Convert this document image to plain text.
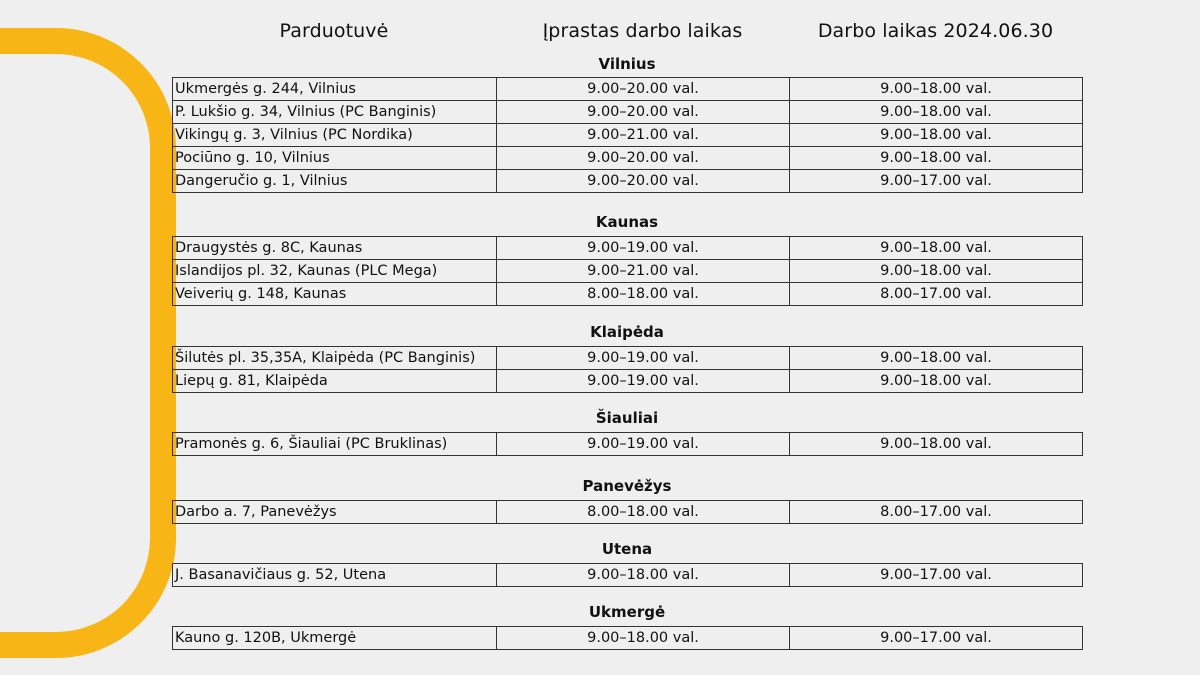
Parduotuvė	Įprastas darbo laikas	Darbo laikas 2024.06.30
Vilnius
Ukmergės g. 244, Vilnius	9.00–20.00 val.	9.00–18.00 val.
P. Lukšio g. 34, Vilnius (PC Banginis)	9.00–20.00 val.	9.00–18.00 val.
Vikingų g. 3, Vilnius (PC Nordika)	9.00–21.00 val.	9.00–18.00 val.
Pociūno g. 10, Vilnius	9.00–20.00 val.	9.00–18.00 val.
Dangeručio g. 1, Vilnius	9.00–20.00 val.	9.00–17.00 val.
Kaunas
Draugystės g. 8C, Kaunas	9.00–19.00 val.	9.00–18.00 val.
Islandijos pl. 32, Kaunas (PLC Mega)	9.00–21.00 val.	9.00–18.00 val.
Veiverių g. 148, Kaunas	8.00–18.00 val.	8.00–17.00 val.
Klaipėda
Šilutės pl. 35,35A, Klaipėda (PC Banginis)	9.00–19.00 val.	9.00–18.00 val.
Liepų g. 81, Klaipėda	9.00–19.00 val.	9.00–18.00 val.
Šiauliai
Pramonės g. 6, Šiauliai (PC Bruklinas)	9.00–19.00 val.	9.00–18.00 val.
Panevėžys
Darbo a. 7, Panevėžys	8.00–18.00 val.	8.00–17.00 val.
Utena
J. Basanavičiaus g. 52, Utena	9.00–18.00 val.	9.00–17.00 val.
Ukmergė
Kauno g. 120B, Ukmergė	9.00–18.00 val.	9.00–17.00 val.
